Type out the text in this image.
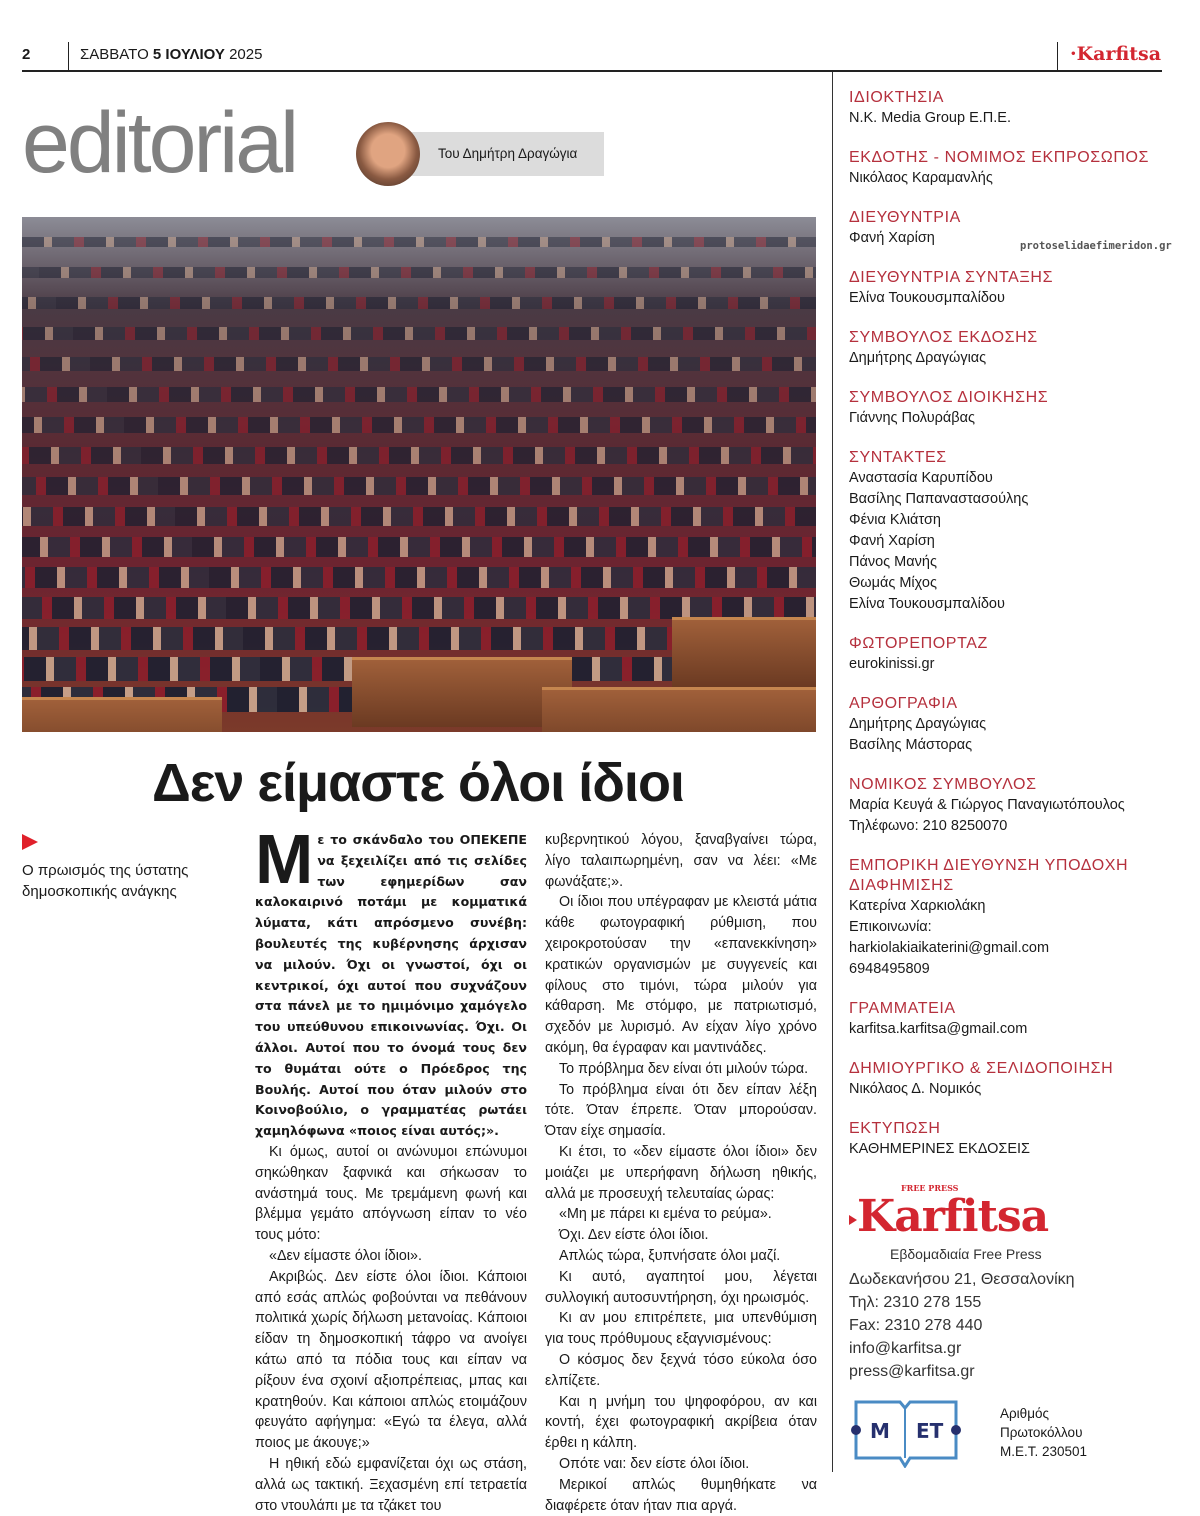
2	ΣΑΒΒΑΤΟ 5 ΙΟΥΛΙΟΥ 2025	·Karfitsa
editorial	Του Δημήτρη Δραγώγια
Δεν είμαστε όλοι ίδιοι
Ο πρωισμός της ύστατης δημοσκοπικής ανάγκης	Με το σκάνδαλο του ΟΠΕΚΕΠΕ να ξεχειλίζει από τις σελίδες των εφημερίδων σαν καλοκαιρινό ποτάμι με κομματικά λύματα, κάτι απρόσμενο συνέβη: βουλευτές της κυβέρνησης άρχισαν να μιλούν. Όχι οι γνωστοί, όχι οι κεντρικοί, όχι αυτοί που συχνάζουν στα πάνελ με το ημιμόνιμο χαμόγελο του υπεύθυνου επικοινωνίας. Όχι. Οι άλλοι. Αυτοί που το όνομά τους δεν το θυμάται ούτε ο Πρόεδρος της Βουλής. Αυτοί που όταν μιλούν στο Κοινοβούλιο, ο γραμματέας ρωτάει χαμηλόφωνα «ποιος είναι αυτός;».

Κι όμως, αυτοί οι ανώνυμοι επώνυμοι σηκώθηκαν ξαφνικά και σήκωσαν το ανάστημά τους. Με τρεμάμενη φωνή και βλέμμα γεμάτο απόγνωση είπαν το νέο τους μότο:

«Δεν είμαστε όλοι ίδιοι».

Ακριβώς. Δεν είστε όλοι ίδιοι. Κάποιοι από εσάς απλώς φοβούνται να πεθάνουν πολιτικά χωρίς δήλωση μετανοίας. Κάποιοι είδαν τη δημοσκοπική τάφρο να ανοίγει κάτω από τα πόδια τους και είπαν να ρίξουν ένα σχοινί αξιοπρέπειας, μπας και κρατηθούν. Και κάποιοι απλώς ετοιμάζουν φευγάτο αφήγημα: «Εγώ τα έλεγα, αλλά ποιος με άκουγε;»

Η ηθική εδώ εμφανίζεται όχι ως στάση, αλλά ως τακτική. Ξεχασμένη επί τετραετία στο ντουλάπι με τα τζάκετ του

κυβερνητικού λόγου, ξαναβγαίνει τώρα, λίγο ταλαιπωρημένη, σαν να λέει: «Με φωνάξατε;».

Οι ίδιοι που υπέγραφαν με κλειστά μάτια κάθε φωτογραφική ρύθμιση, που χειροκροτούσαν την «επανεκκίνηση» κρατικών οργανισμών με συγγενείς και φίλους στο τιμόνι, τώρα μιλούν για κάθαρση. Με στόμφο, με πατριωτισμό, σχεδόν με λυρισμό. Αν είχαν λίγο χρόνο ακόμη, θα έγραφαν και μαντινάδες.

Το πρόβλημα δεν είναι ότι μιλούν τώρα.

Το πρόβλημα είναι ότι δεν είπαν λέξη τότε. Όταν έπρεπε. Όταν μπορούσαν. Όταν είχε σημασία.

Κι έτσι, το «δεν είμαστε όλοι ίδιοι» δεν μοιάζει με υπερήφανη δήλωση ηθικής, αλλά με προσευχή τελευταίας ώρας:

«Μη με πάρει κι εμένα το ρεύμα».

Όχι. Δεν είστε όλοι ίδιοι.

Απλώς τώρα, ξυπνήσατε όλοι μαζί.

Κι αυτό, αγαπητοί μου, λέγεται συλλογική αυτοσυντήρηση, όχι ηρωισμός.

Κι αν μου επιτρέπετε, μια υπενθύμιση για τους πρόθυμους εξαγνισμένους:

Ο κόσμος δεν ξεχνά τόσο εύκολα όσο ελπίζετε.

Και η μνήμη του ψηφοφόρου, αν και κοντή, έχει φωτογραφική ακρίβεια όταν έρθει η κάλπη.

Οπότε ναι: δεν είστε όλοι ίδιοι.

Μερικοί απλώς θυμηθήκατε να διαφέρετε όταν ήταν πια αργά.

ΙΔΙΟΚΤΗΣΙΑ
Ν.Κ. Media Group Ε.Π.Ε.
ΕΚΔΟΤΗΣ - ΝΟΜΙΜΟΣ ΕΚΠΡΟΣΩΠΟΣ
Νικόλαος Καραμανλής
ΔΙΕΥΘΥΝΤΡΙΑ
Φανή Χαρίση
ΔΙΕΥΘΥΝΤΡΙΑ ΣΥΝΤΑΞΗΣ
Ελίνα Τουκουσμπαλίδου
ΣΥΜΒΟΥΛΟΣ ΕΚΔΟΣΗΣ
Δημήτρης Δραγώγιας
ΣΥΜΒΟΥΛΟΣ ΔΙΟΙΚΗΣΗΣ
Γιάννης Πολυράβας
ΣΥΝΤΑΚΤΕΣ
Αναστασία Καρυπίδου
Βασίλης Παπαναστασούλης
Φένια Κλιάτση
Φανή Χαρίση
Πάνος Μανής
Θωμάς Μίχος
Ελίνα Τουκουσμπαλίδου
ΦΩΤΟΡΕΠΟΡΤΑΖ
eurokinissi.gr
ΑΡΘΟΓΡΑΦΙΑ
Δημήτρης Δραγώγιας
Βασίλης Μάστορας
ΝΟΜΙΚΟΣ ΣΥΜΒΟΥΛΟΣ
Μαρία Κευγά & Γιώργος Παναγιωτόπουλος
Τηλέφωνο: 210 8250070
ΕΜΠΟΡΙΚΗ ΔΙΕΥΘΥΝΣΗ ΥΠΟΔΟΧΗ ΔΙΑΦΗΜΙΣΗΣ
Κατερίνα Χαρκιολάκη
Επικοινωνία:
harkiolakiaikaterini@gmail.com
6948495809
ΓΡΑΜΜΑΤΕΙΑ
karfitsa.karfitsa@gmail.com
ΔΗΜΙΟΥΡΓΙΚΟ & ΣΕΛΙΔΟΠΟΙΗΣΗ
Νικόλαος Δ. Νομικός
ΕΚΤΥΠΩΣΗ
ΚΑΘΗΜΕΡΙΝΕΣ ΕΚΔΟΣΕΙΣ
protoselidaefimeridon.gr
Karfitsa
FREE PRESS
Εβδομαδιαία Free Press
Δωδεκανήσου 21, Θεσσαλονίκη
Τηλ: 2310 278 155
Fax: 2310 278 440
info@karfitsa.gr
press@karfitsa.gr
Μ ΕΤ
Αριθμός
Πρωτοκόλλου
Μ.Ε.Τ. 230501
